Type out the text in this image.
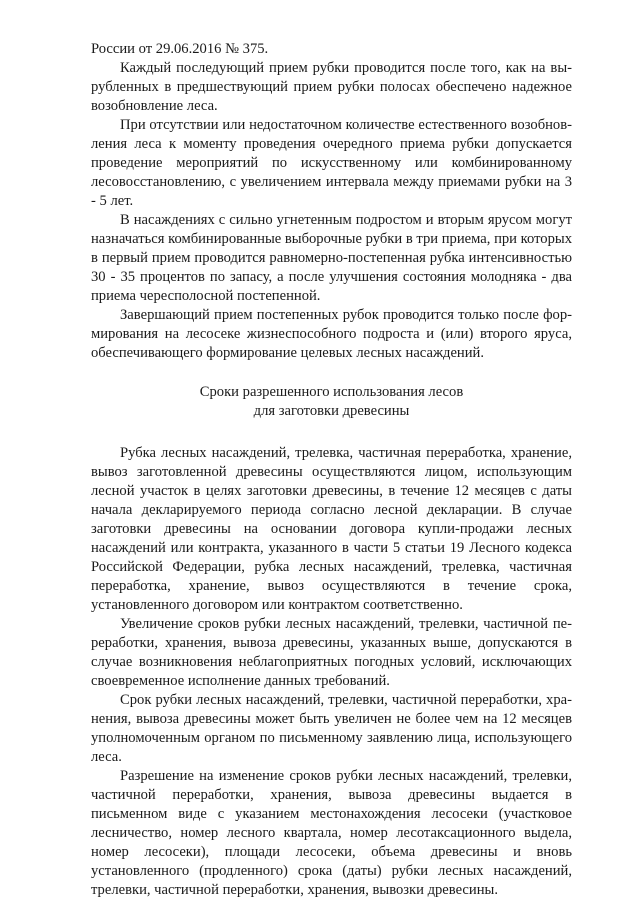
России от 29.06.2016 № 375.

Каждый последующий прием рубки проводится после того, как на вырубленных в предшествующий прием рубки полосах обеспечено надежное возобновление леса.

При отсутствии или недостаточном количестве естественного возобновления леса к моменту проведения очередного приема рубки допускается проведение мероприятий по искусственному или комбинированному лесовосстановлению, с увеличением интервала между приемами рубки на 3 - 5 лет.

В насаждениях с сильно угнетенным подростом и вторым ярусом могут назначаться комбинированные выборочные рубки в три приема, при которых в первый прием проводится равномерно-постепенная рубка интенсивностью 30 - 35 процентов по запасу, а после улучшения состояния молодняка - два приема чересполосной постепенной.

Завершающий прием постепенных рубок проводится только после формирования на лесосеке жизнеспособного подроста и (или) второго яруса, обеспечивающего формирование целевых лесных насаждений.

Сроки разрешенного использования лесов
для заготовки древесины

Рубка лесных насаждений, трелевка, частичная переработка, хранение, вывоз заготовленной древесины осуществляются лицом, использующим лесной участок в целях заготовки древесины, в течение 12 месяцев с даты начала декларируемого периода согласно лесной декларации. В случае заготовки древесины на основании договора купли-продажи лесных насаждений или контракта, указанного в части 5 статьи 19 Лесного кодекса Российской Федерации, рубка лесных насаждений, трелевка, частичная переработка, хранение, вывоз осуществляются в течение срока, установленного договором или контрактом соответственно.

Увеличение сроков рубки лесных насаждений, трелевки, частичной переработки, хранения, вывоза древесины, указанных выше, допускаются в случае возникновения неблагоприятных погодных условий, исключающих своевременное исполнение данных требований.

Срок рубки лесных насаждений, трелевки, частичной переработки, хранения, вывоза древесины может быть увеличен не более чем на 12 месяцев уполномоченным органом по письменному заявлению лица, использующего леса.

Разрешение на изменение сроков рубки лесных насаждений, трелевки, частичной переработки, хранения, вывоза древесины выдается в письменном виде с указанием местонахождения лесосеки (участковое лесничество, номер лесного квартала, номер лесотаксационного выдела, номер лесосеки), площади лесосеки, объема древесины и вновь установленного (продленного) срока (даты) рубки лесных насаждений, трелевки, частичной переработки, хранения, вывозки древесины.
